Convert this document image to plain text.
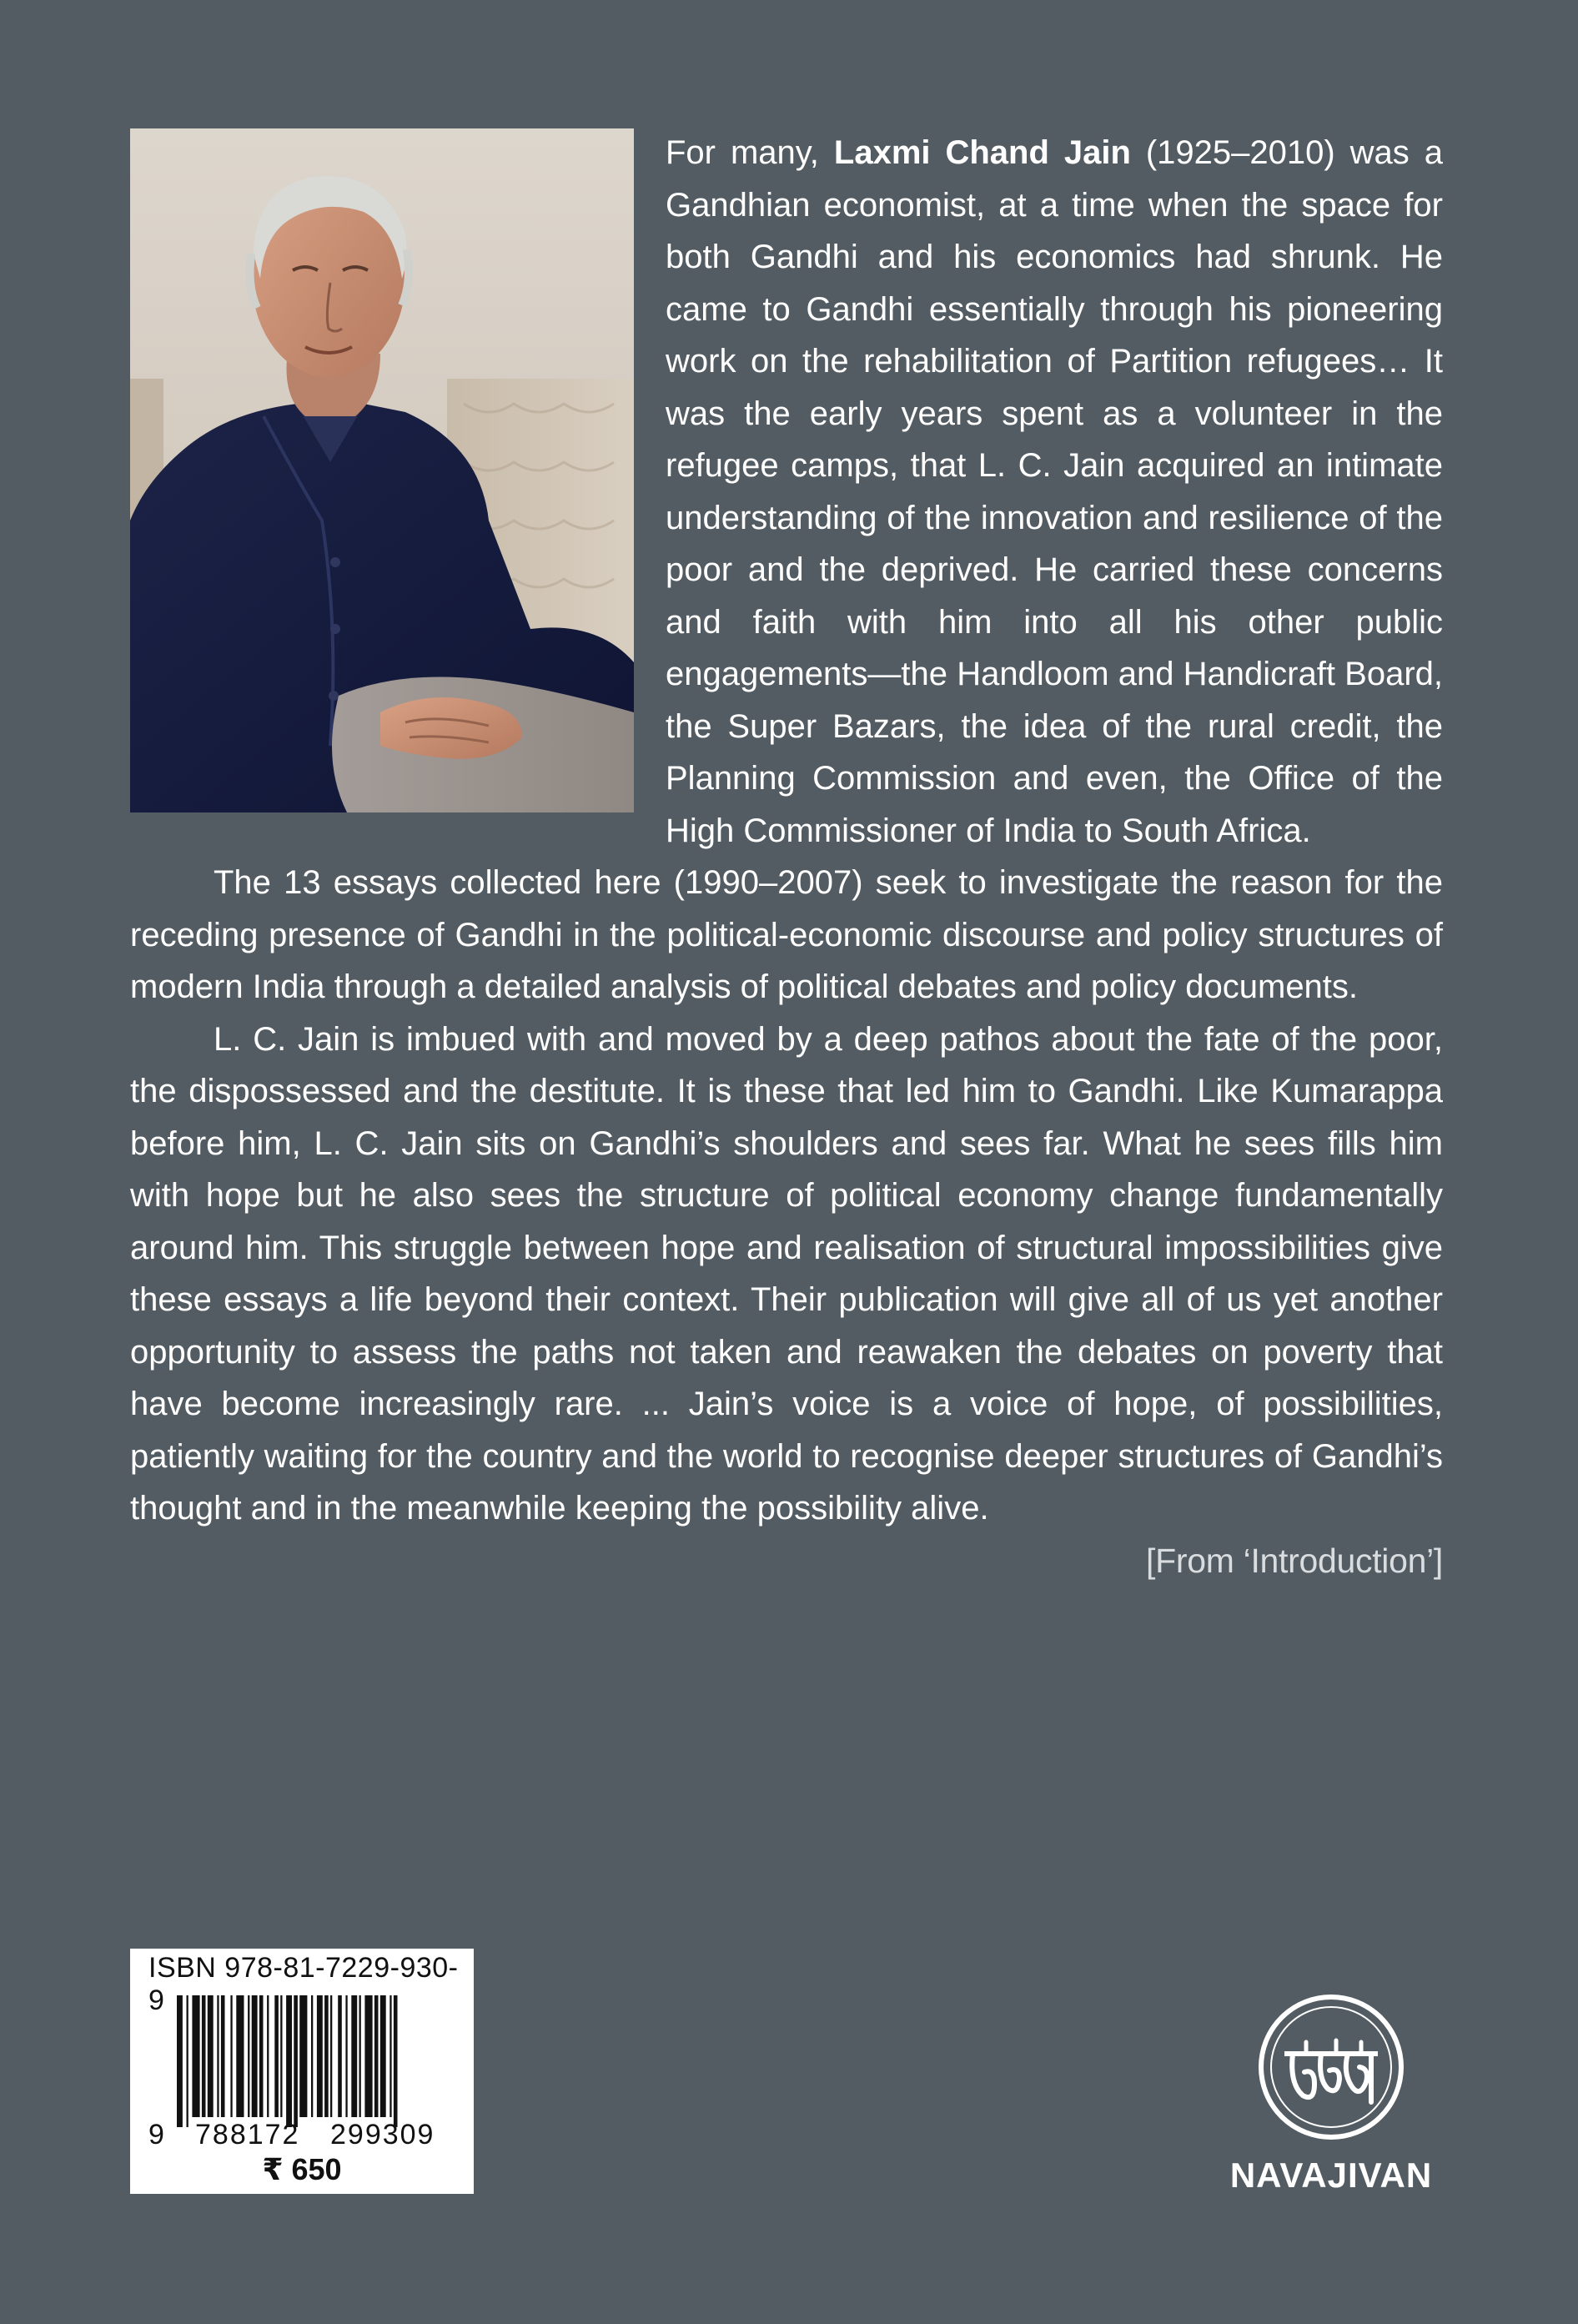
For many, Laxmi Chand Jain (1925–2010) was a Gandhian economist, at a time when the space for both Gandhi and his economics had shrunk. He came to Gandhi essentially through his pioneering work on the rehabilitation of Partition refugees… It was the early years spent as a volunteer in the refugee camps, that L. C. Jain acquired an intimate understanding of the innovation and resilience of the poor and the deprived. He carried these concerns and faith with him into all his other public engagements—the Handloom and Handicraft Board, the Super Bazars, the idea of the rural credit, the Planning Commission and even, the Office of the High Commissioner of India to South Africa.

The 13 essays collected here (1990–2007) seek to investigate the reason for the receding presence of Gandhi in the political-economic discourse and policy structures of modern India through a detailed analysis of political debates and policy documents.

L. C. Jain is imbued with and moved by a deep pathos about the fate of the poor, the dispossessed and the destitute. It is these that led him to Gandhi. Like Kumarappa before him, L. C. Jain sits on Gandhi’s shoulders and sees far. What he sees fills him with hope but he also sees the structure of political economy change fundamentally around him. This struggle between hope and realisation of structural impossibilities give these essays a life beyond their context. Their publication will give all of us yet another opportunity to assess the paths not taken and reawaken the debates on poverty that have become increasingly rare. ... Jain’s voice is a voice of hope, of possibilities, patiently waiting for the country and the world to recognise deeper structures of Gandhi’s thought and in the meanwhile keeping the possibility alive.

[From ‘Introduction’]
ISBN 978-81-7229-930-9
9 788172 299309
₹ 650	NAVAJIVAN
